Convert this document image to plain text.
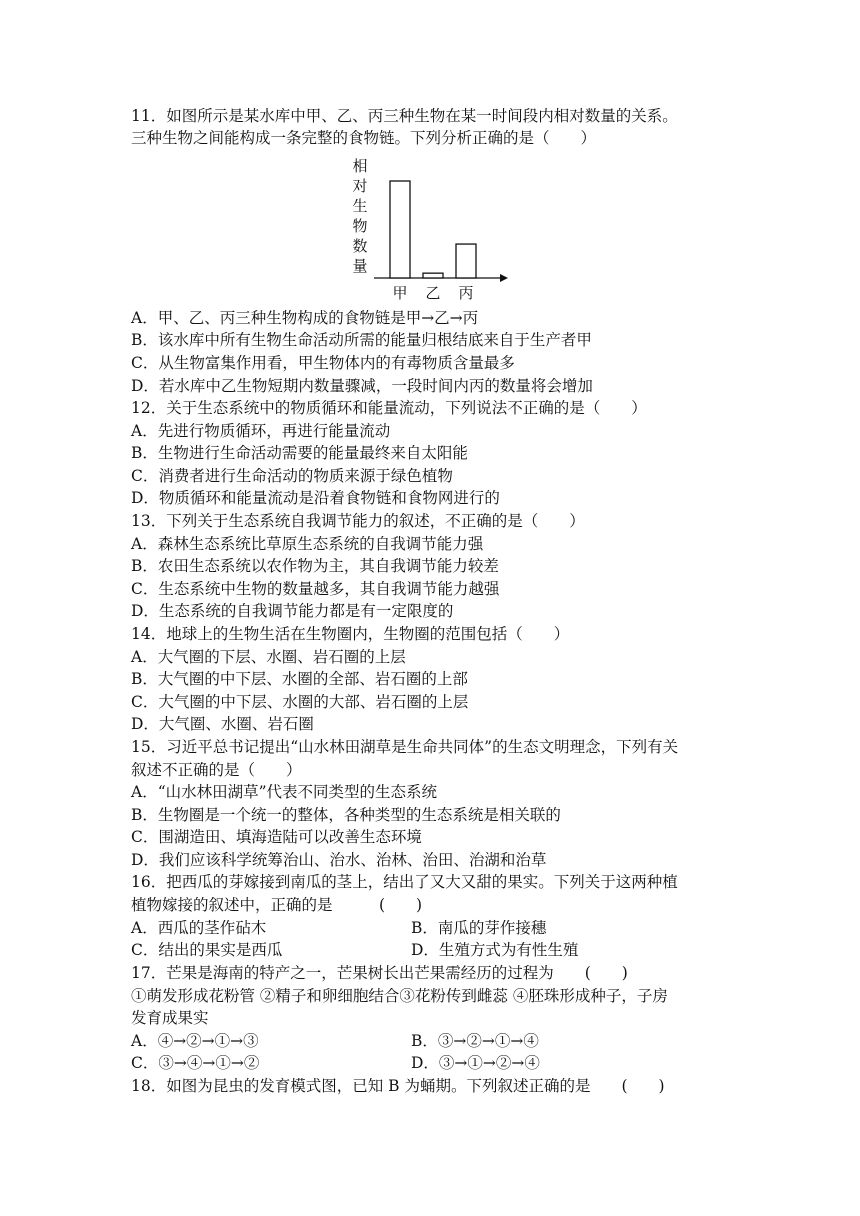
11．如图所示是某水库中甲、乙、丙三种生物在某一时间段内相对数量的关系。
三种生物之间能构成一条完整的食物链。下列分析正确的是（　　）
相
对
生
物
数
量
甲 乙 丙
A．甲、乙、丙三种生物构成的食物链是甲→乙→丙
B．该水库中所有生物生命活动所需的能量归根结底来自于生产者甲
C．从生物富集作用看，甲生物体内的有毒物质含量最多
D．若水库中乙生物短期内数量骤减，一段时间内丙的数量将会增加
12．关于生态系统中的物质循环和能量流动，下列说法不正确的是（　　）
A．先进行物质循环，再进行能量流动
B．生物进行生命活动需要的能量最终来自太阳能
C．消费者进行生命活动的物质来源于绿色植物
D．物质循环和能量流动是沿着食物链和食物网进行的
13．下列关于生态系统自我调节能力的叙述，不正确的是（　　）
A．森林生态系统比草原生态系统的自我调节能力强
B．农田生态系统以农作物为主，其自我调节能力较差
C．生态系统中生物的数量越多，其自我调节能力越强
D．生态系统的自我调节能力都是有一定限度的
14．地球上的生物生活在生物圈内，生物圈的范围包括（　　）
A．大气圈的下层、水圈、岩石圈的上层
B．大气圈的中下层、水圈的全部、岩石圈的上部
C．大气圈的中下层、水圈的大部、岩石圈的上层
D．大气圈、水圈、岩石圈
15．习近平总书记提出“山水林田湖草是生命共同体”的生态文明理念，下列有关
叙述不正确的是（　　）
A．“山水林田湖草”代表不同类型的生态系统
B．生物圈是一个统一的整体，各种类型的生态系统是相关联的
C．围湖造田、填海造陆可以改善生态环境
D．我们应该科学统筹治山、治水、治林、治田、治湖和治草
16．把西瓜的芽嫁接到南瓜的茎上，结出了又大又甜的果实。下列关于这两种植
植物嫁接的叙述中，正确的是　　　(　　)
A．西瓜的茎作砧木	B．南瓜的芽作接穗
C．结出的果实是西瓜	D．生殖方式为有性生殖
17．芒果是海南的特产之一，芒果树长出芒果需经历的过程为　　(　　)
①萌发形成花粉管 ②精子和卵细胞结合③花粉传到雌蕊 ④胚珠形成种子，子房
发育成果实
A．④→②→①→③	B．③→②→①→④
C．③→④→①→②	D．③→①→②→④
18．如图为昆虫的发育模式图，已知 B 为蛹期。下列叙述正确的是　　(　　)
